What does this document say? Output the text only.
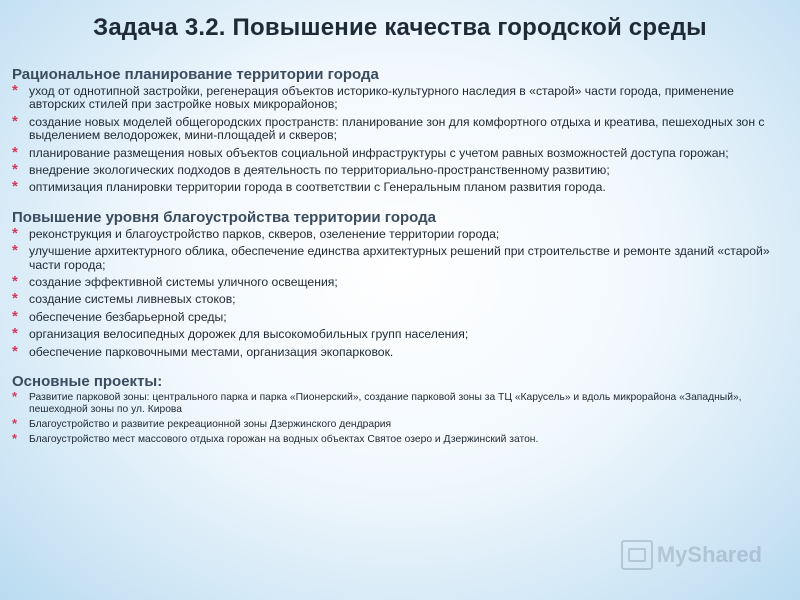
Задача 3.2. Повышение качества городской среды
Рациональное планирование территории города
* уход от однотипной застройки, регенерация объектов историко-культурного наследия в «старой» части города, применение авторских стилей при застройке новых микрорайонов;
* создание новых моделей общегородских пространств: планирование зон для комфортного отдыха и креатива, пешеходных зон с выделением велодорожек, мини-площадей и скверов;
* планирование размещения новых объектов социальной инфраструктуры с учетом равных возможностей доступа горожан;
* внедрение экологических подходов в деятельность по территориально-пространственному развитию;
* оптимизация планировки территории города в соответствии с Генеральным планом развития города.
Повышение уровня благоустройства территории города
* реконструкция и благоустройство парков, скверов, озеленение территории города;
* улучшение архитектурного облика, обеспечение единства архитектурных решений при строительстве и ремонте зданий «старой» части города;
* создание эффективной системы уличного освещения;
* создание системы ливневых стоков;
* обеспечение безбарьерной среды;
* организация велосипедных дорожек для высокомобильных групп населения;
* обеспечение парковочными местами, организация экопарковок.
Основные проекты:
* Развитие парковой зоны: центрального парка и парка «Пионерский», создание парковой зоны за ТЦ «Карусель» и вдоль микрорайона «Западный», пешеходной зоны по ул. Кирова
* Благоустройство и развитие рекреационной зоны Дзержинского дендрария
* Благоустройство мест массового отдыха горожан на водных объектах Святое озеро и Дзержинский затон.
MyShared
